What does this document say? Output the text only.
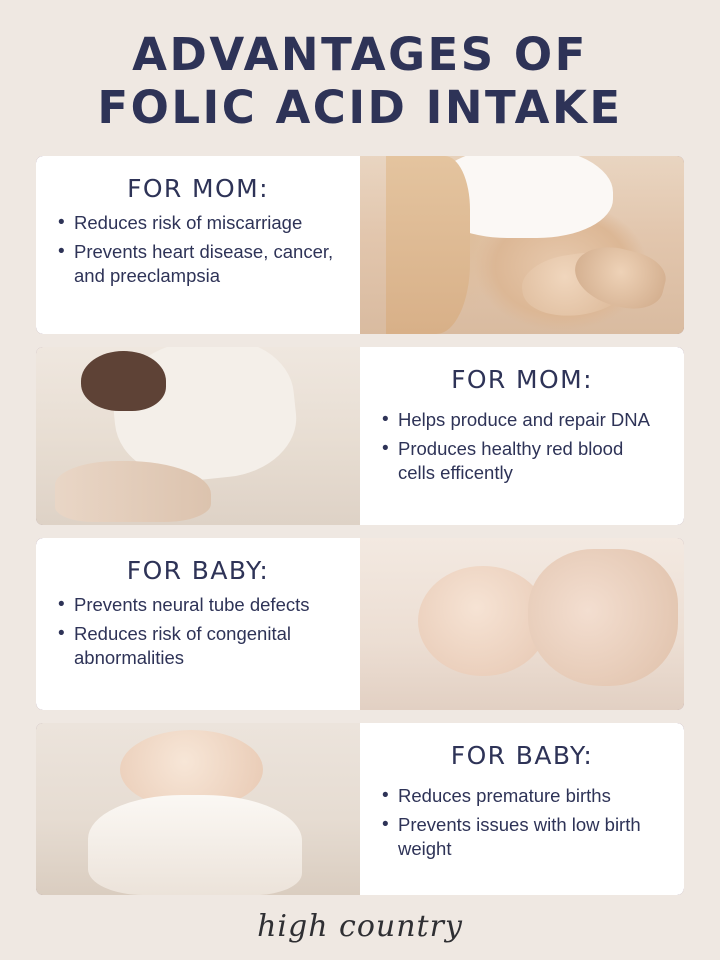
ADVANTAGES OF
FOLIC ACID INTAKE
FOR MOM:
• Reduces risk of miscarriage
• Prevents heart disease, cancer, and preeclampsia
FOR MOM:
• Helps produce and repair DNA
• Produces healthy red blood cells efficently
FOR BABY:
• Prevents neural tube defects
• Reduces risk of congenital abnormalities
FOR BABY:
• Reduces premature births
• Prevents issues with low birth weight
high country
